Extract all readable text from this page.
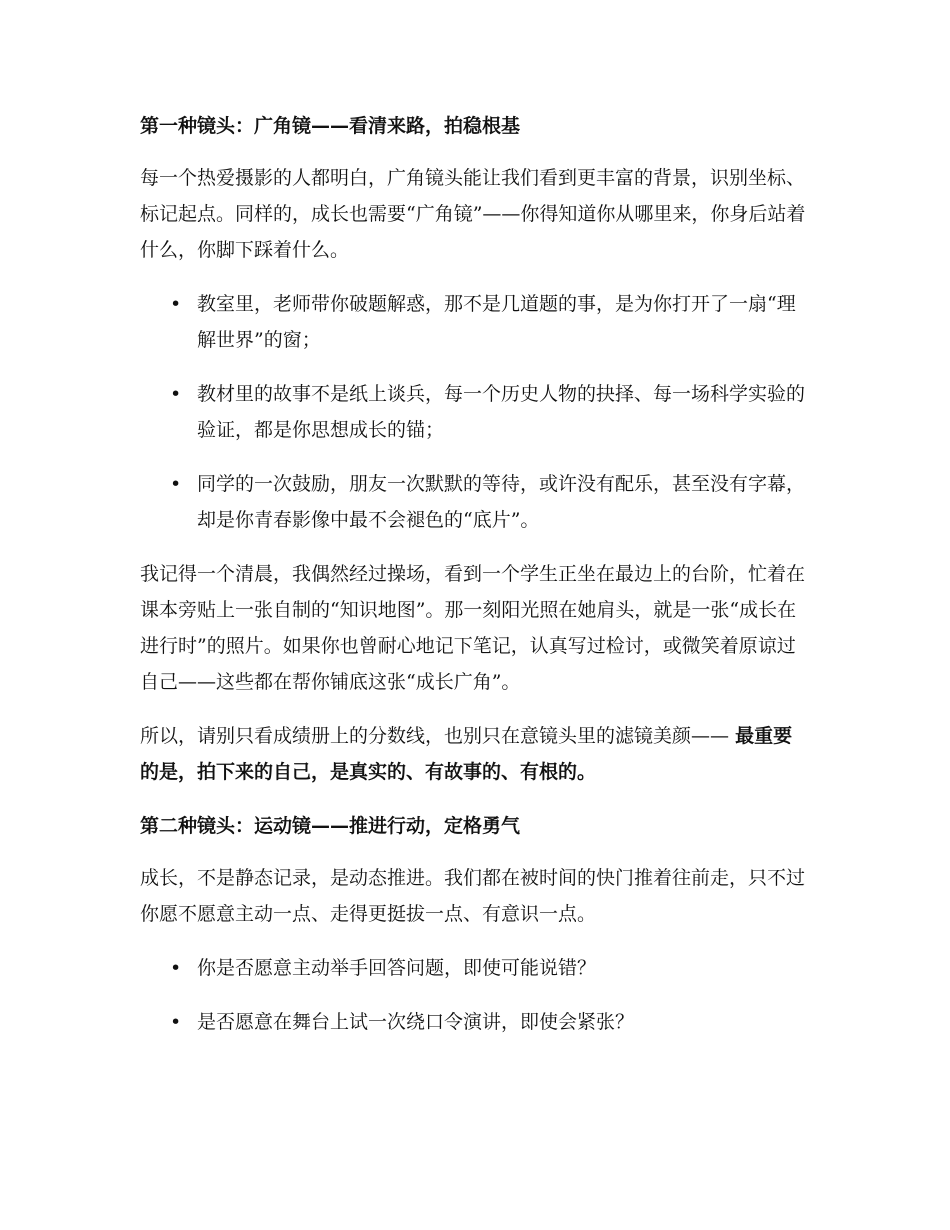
第一种镜头：广角镜——看清来路，拍稳根基

每一个热爱摄影的人都明白，广角镜头能让我们看到更丰富的背景，识别坐标、标记起点。同样的，成长也需要“广角镜”——你得知道你从哪里来，你身后站着什么，你脚下踩着什么。

• 教室里，老师带你破题解惑，那不是几道题的事，是为你打开了一扇“理解世界”的窗；
• 教材里的故事不是纸上谈兵，每一个历史人物的抉择、每一场科学实验的验证，都是你思想成长的锚；
• 同学的一次鼓励，朋友一次默默的等待，或许没有配乐，甚至没有字幕，却是你青春影像中最不会褪色的“底片”。

我记得一个清晨，我偶然经过操场，看到一个学生正坐在最边上的台阶，忙着在课本旁贴上一张自制的“知识地图”。那一刻阳光照在她肩头，就是一张“成长在进行时”的照片。如果你也曾耐心地记下笔记，认真写过检讨，或微笑着原谅过自己——这些都在帮你铺底这张“成长广角”。

所以，请别只看成绩册上的分数线，也别只在意镜头里的滤镜美颜—— 最重要的是，拍下来的自己，是真实的、有故事的、有根的。

第二种镜头：运动镜——推进行动，定格勇气

成长，不是静态记录，是动态推进。我们都在被时间的快门推着往前走，只不过你愿不愿意主动一点、走得更挺拔一点、有意识一点。

• 你是否愿意主动举手回答问题，即使可能说错？
• 是否愿意在舞台上试一次绕口令演讲，即使会紧张？
